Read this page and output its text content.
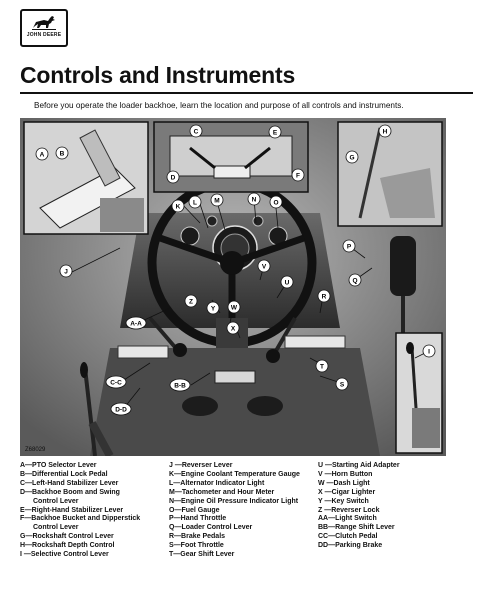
JOHN DEERE
Controls and Instruments
Before you operate the loader backhoe, learn the location and purpose of all controls and instruments.
A B
C
D
E
F
G
H
J
K
L	M	N	O
P
Q
R
S
T
U
V
W
X
Y
Z
I
A-A
B-B
C-C
D-D
Z68029
A—PTO Selector Lever
B—Differential Lock Pedal
C—Left-Hand Stabilizer Lever
D—Backhoe Boom and Swing
Control Lever
E—Right-Hand Stabilizer Lever
F—Backhoe Bucket and Dipperstick
Control Lever
G—Rockshaft Control Lever
H—Rockshaft Depth Control
I —Selective Control Lever
J —Reverser Lever
K—Engine Coolant Temperature Gauge
L—Alternator Indicator Light
M—Tachometer and Hour Meter
N—Engine Oil Pressure Indicator Light
O—Fuel Gauge
P—Hand Throttle
Q—Loader Control Lever
R—Brake Pedals
S—Foot Throttle
T—Gear Shift Lever
U —Starting Aid Adapter
V —Horn Button
W —Dash Light
X —Cigar Lighter
Y —Key Switch
Z —Reverser Lock
AA—Light Switch
BB—Range Shift Lever
CC—Clutch Pedal
DD—Parking Brake
